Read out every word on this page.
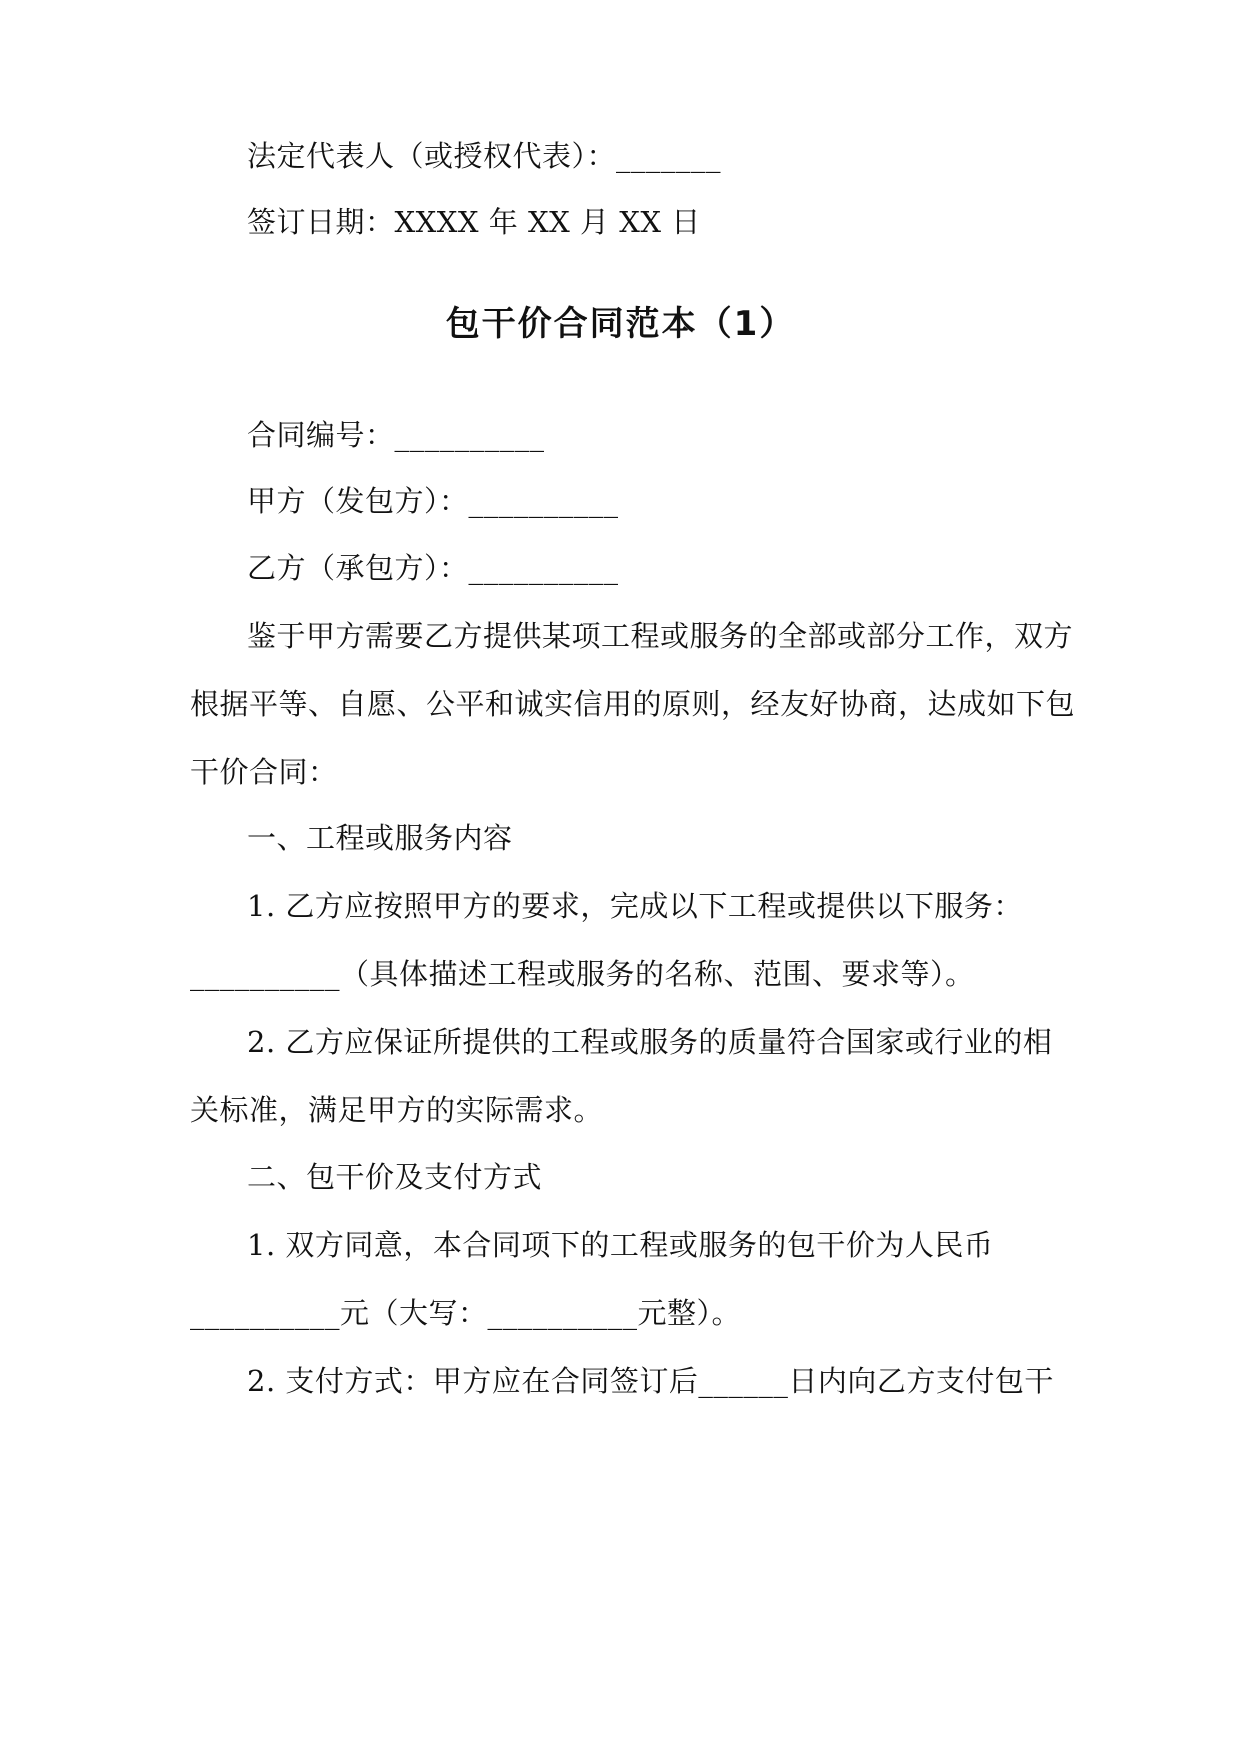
法定代表人（或授权代表）：_______
签订日期：XXXX 年 XX 月 XX 日
包干价合同范本（1）
合同编号：__________
甲方（发包方）：__________
乙方（承包方）：__________
鉴于甲方需要乙方提供某项工程或服务的全部或部分工作，双方
根据平等、自愿、公平和诚实信用的原则，经友好协商，达成如下包
干价合同：
一、工程或服务内容
1. 乙方应按照甲方的要求，完成以下工程或提供以下服务：
__________（具体描述工程或服务的名称、范围、要求等）。
2. 乙方应保证所提供的工程或服务的质量符合国家或行业的相
关标准，满足甲方的实际需求。
二、包干价及支付方式
1. 双方同意，本合同项下的工程或服务的包干价为人民币
__________元（大写：__________元整）。
2. 支付方式：甲方应在合同签订后______日内向乙方支付包干
